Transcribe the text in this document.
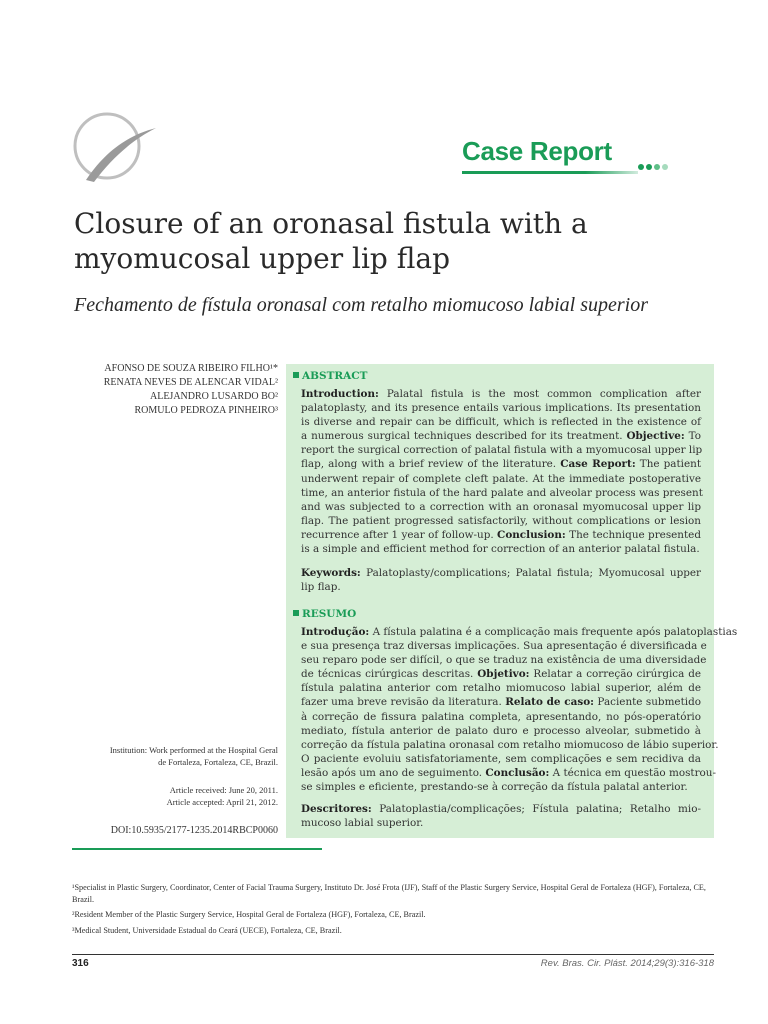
Case Report
Closure of an oronasal fistula with a
myomucosal upper lip flap
Fechamento de fístula oronasal com retalho miomucoso labial superior
AFONSO DE SOUZA RIBEIRO FILHO¹*
RENATA NEVES DE ALENCAR VIDAL²
ALEJANDRO LUSARDO BO²
ROMULO PEDROZA PINHEIRO³
Institution: Work performed at the Hospital Geral
de Fortaleza, Fortaleza, CE, Brazil.
Article received: June 20, 2011.
Article accepted: April 21, 2012.
DOI:10.5935/2177-1235.2014RBCP0060
ABSTRACT
Introduction: Palatal fistula is the most common complication after
palatoplasty, and its presence entails various implications. Its presentation
is diverse and repair can be difficult, which is reflected in the existence of
a numerous surgical techniques described for its treatment. Objective: To
report the surgical correction of palatal fistula with a myomucosal upper lip
flap, along with a brief review of the literature. Case Report: The patient
underwent repair of complete cleft palate. At the immediate postoperative
time, an anterior fistula of the hard palate and alveolar process was present
and was subjected to a correction with an oronasal myomucosal upper lip
flap. The patient progressed satisfactorily, without complications or lesion
recurrence after 1 year of follow-up. Conclusion: The technique presented
is a simple and efficient method for correction of an anterior palatal fistula.
Keywords: Palatoplasty/complications; Palatal fistula; Myomucosal upper
lip flap.
RESUMO
Introdução: A fístula palatina é a complicação mais frequente após palatoplastias
e sua presença traz diversas implicações. Sua apresentação é diversificada e
seu reparo pode ser difícil, o que se traduz na existência de uma diversidade
de técnicas cirúrgicas descritas. Objetivo: Relatar a correção cirúrgica de
fístula palatina anterior com retalho miomucoso labial superior, além de
fazer uma breve revisão da literatura. Relato de caso: Paciente submetido
à correção de fissura palatina completa, apresentando, no pós-operatório
mediato, fístula anterior de palato duro e processo alveolar, submetido à
correção da fístula palatina oronasal com retalho miomucoso de lábio superior.
O paciente evoluiu satisfatoriamente, sem complicações e sem recidiva da
lesão após um ano de seguimento. Conclusão: A técnica em questão mostrou-
se simples e eficiente, prestando-se à correção da fístula palatal anterior.
Descritores: Palatoplastia/complicações; Fístula palatina; Retalho mio-
mucoso labial superior.

¹Specialist in Plastic Surgery, Coordinator, Center of Facial Trauma Surgery, Instituto Dr. José Frota (IJF), Staff of the Plastic Surgery Service, Hospital Geral de Fortaleza (HGF), Fortaleza, CE, Brazil.

²Resident Member of the Plastic Surgery Service, Hospital Geral de Fortaleza (HGF), Fortaleza, CE, Brazil.

³Medical Student, Universidade Estadual do Ceará (UECE), Fortaleza, CE, Brazil.

316	Rev. Bras. Cir. Plást. 2014;29(3):316-318
